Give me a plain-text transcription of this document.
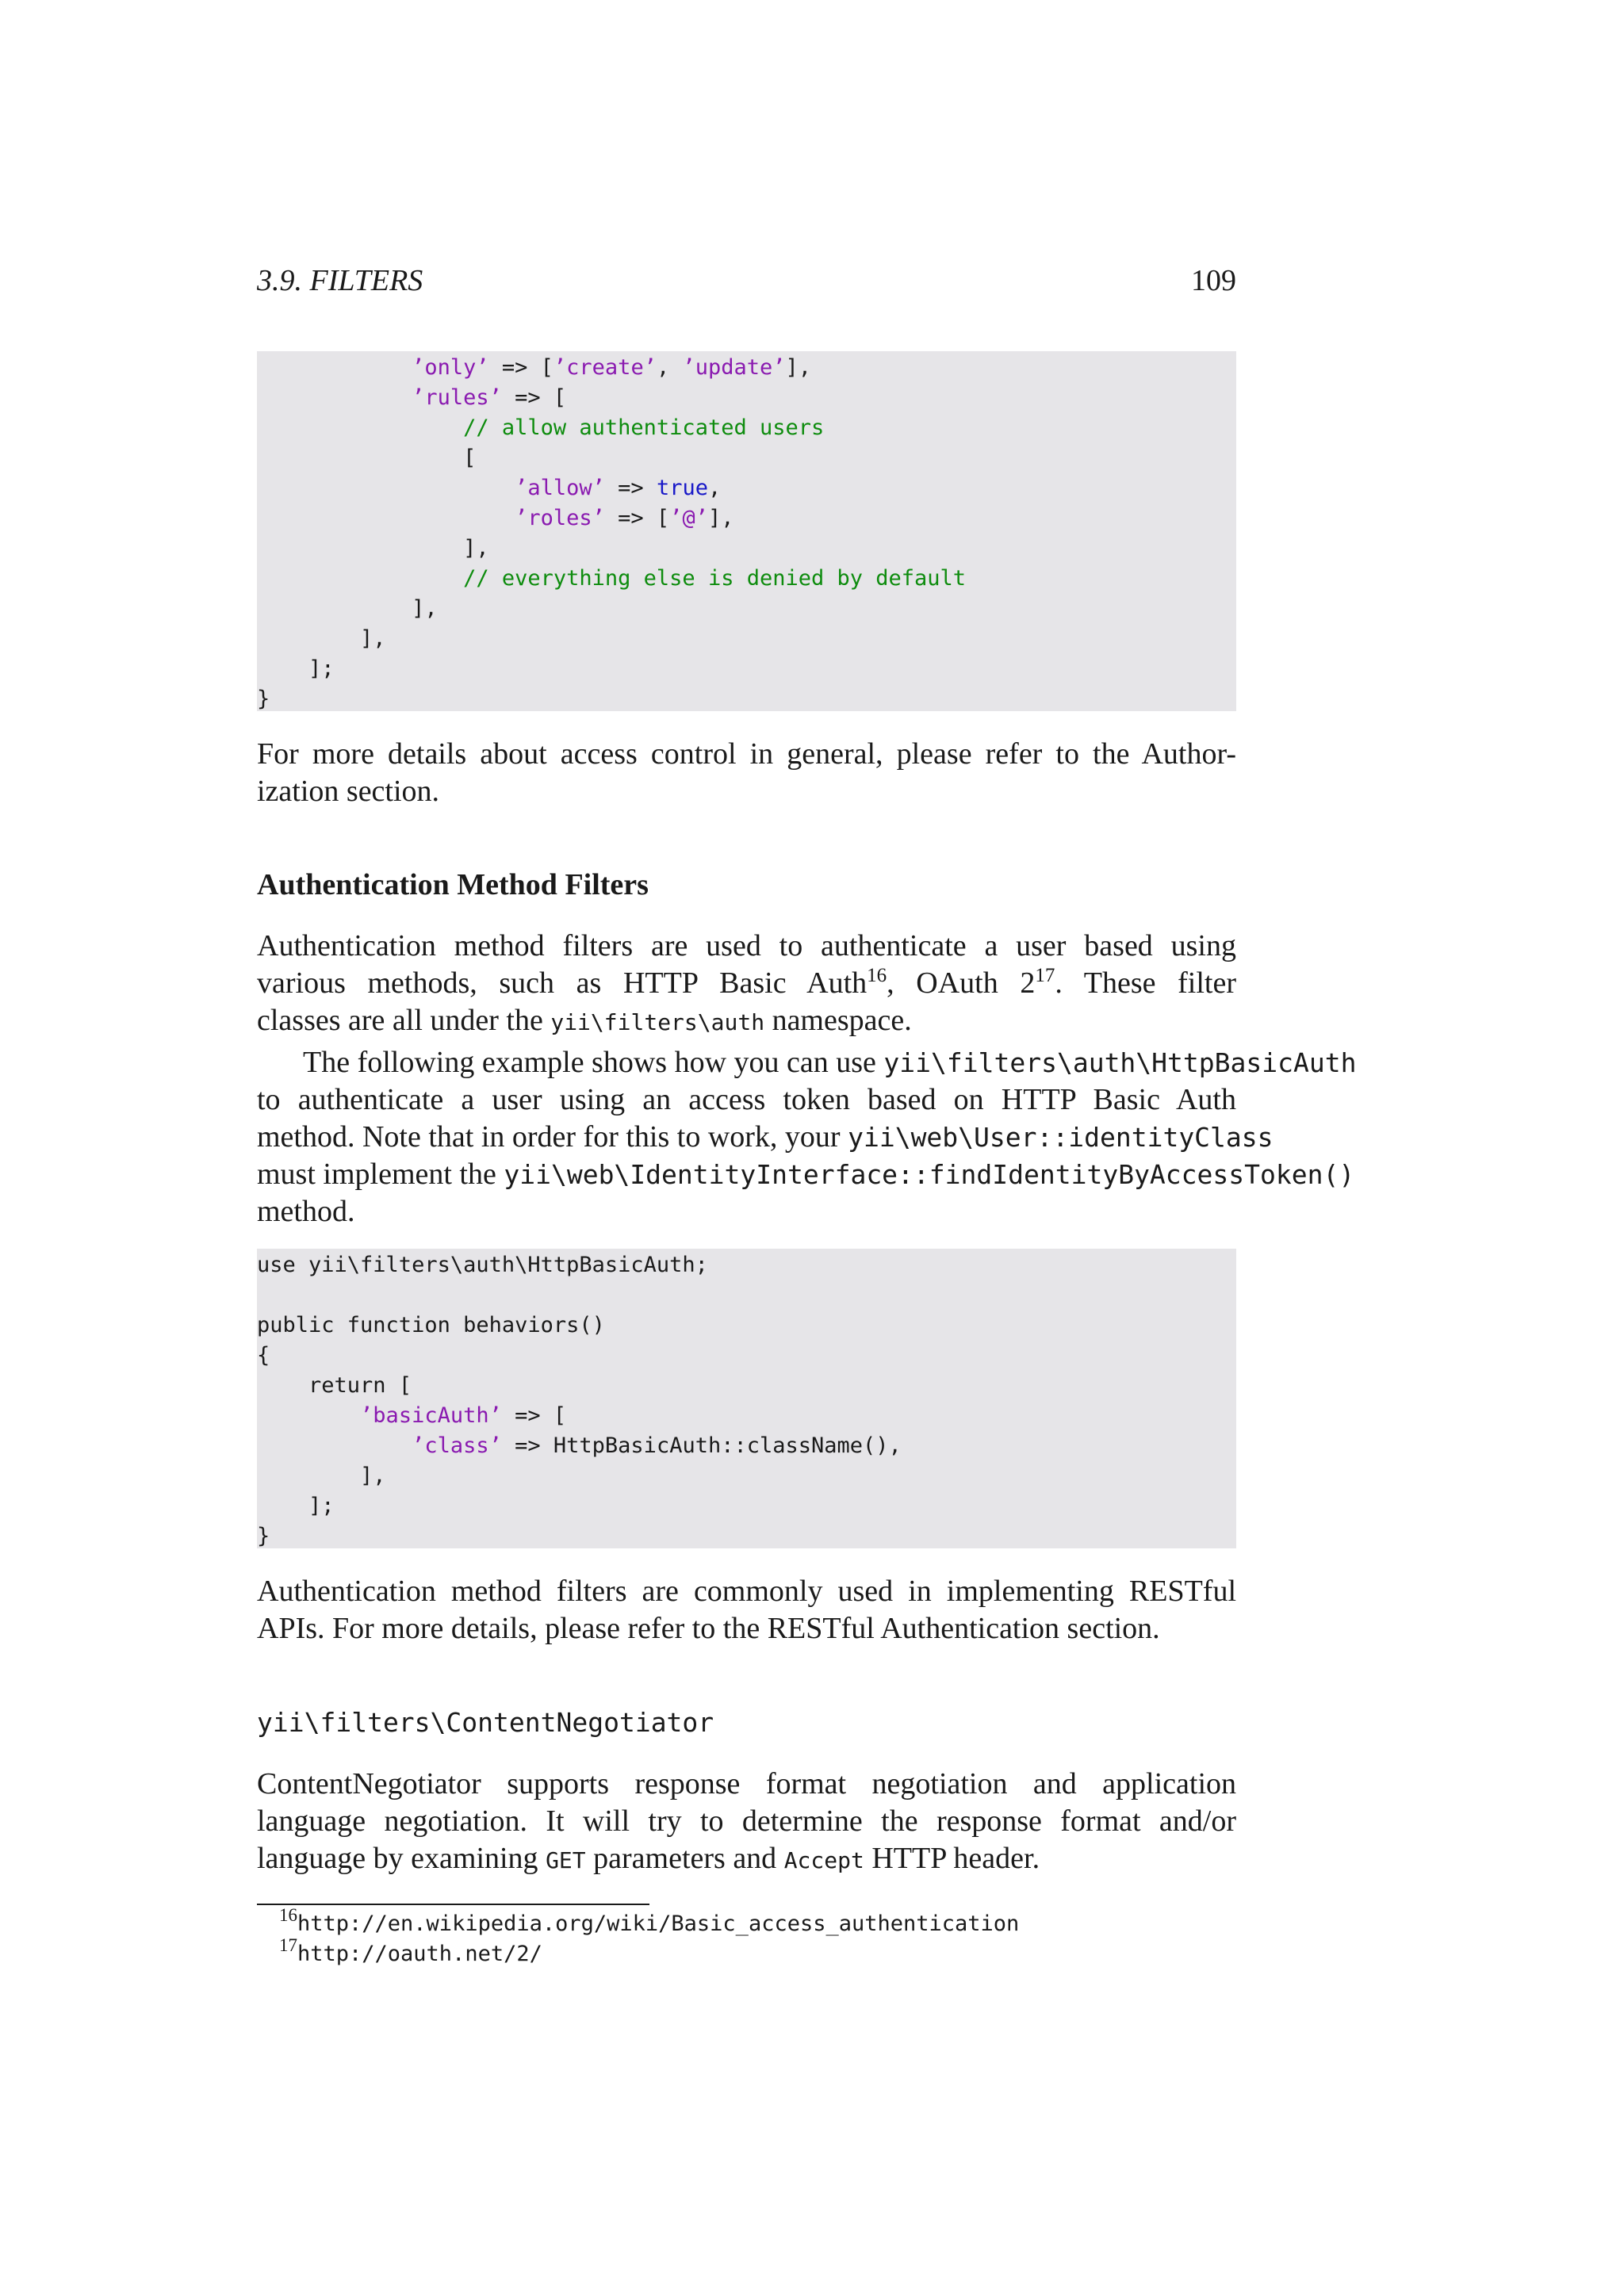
3.9. FILTERS	109
’only’ => [’create’, ’update’],
’rules’ => [
// allow authenticated users
[
’allow’ => true,
’roles’ => [’@’],
],
// everything else is denied by default
],
],
];
}
For more details about access control in general, please refer to the Author-
ization section.
Authentication Method Filters
Authentication method filters are used to authenticate a user based using
various methods, such as HTTP Basic Auth$^{16}$, OAuth $2^{17}$. These filter
classes are all under the yii\filters\auth namespace.
The following example shows how you can use yii\filters\auth\HttpBasicAuth
to authenticate a user using an access token based on HTTP Basic Auth
method. Note that in order for this to work, your yii\web\User::identityClass
must implement the yii\web\IdentityInterface::findIdentityByAccessToken()
method.
use yii\filters\auth\HttpBasicAuth;
public function behaviors()
{
return [
’basicAuth’ => [
’class’ => HttpBasicAuth::className(),
],
];
}
Authentication method filters are commonly used in implementing RESTful
APIs. For more details, please refer to the RESTful Authentication section.
yii\filters\ContentNegotiator
ContentNegotiator supports response format negotiation and application
language negotiation. It will try to determine the response format and/or
language by examining GET parameters and Accept HTTP header.
16http://en.wikipedia.org/wiki/Basic_access_authentication
17http://oauth.net/2/
